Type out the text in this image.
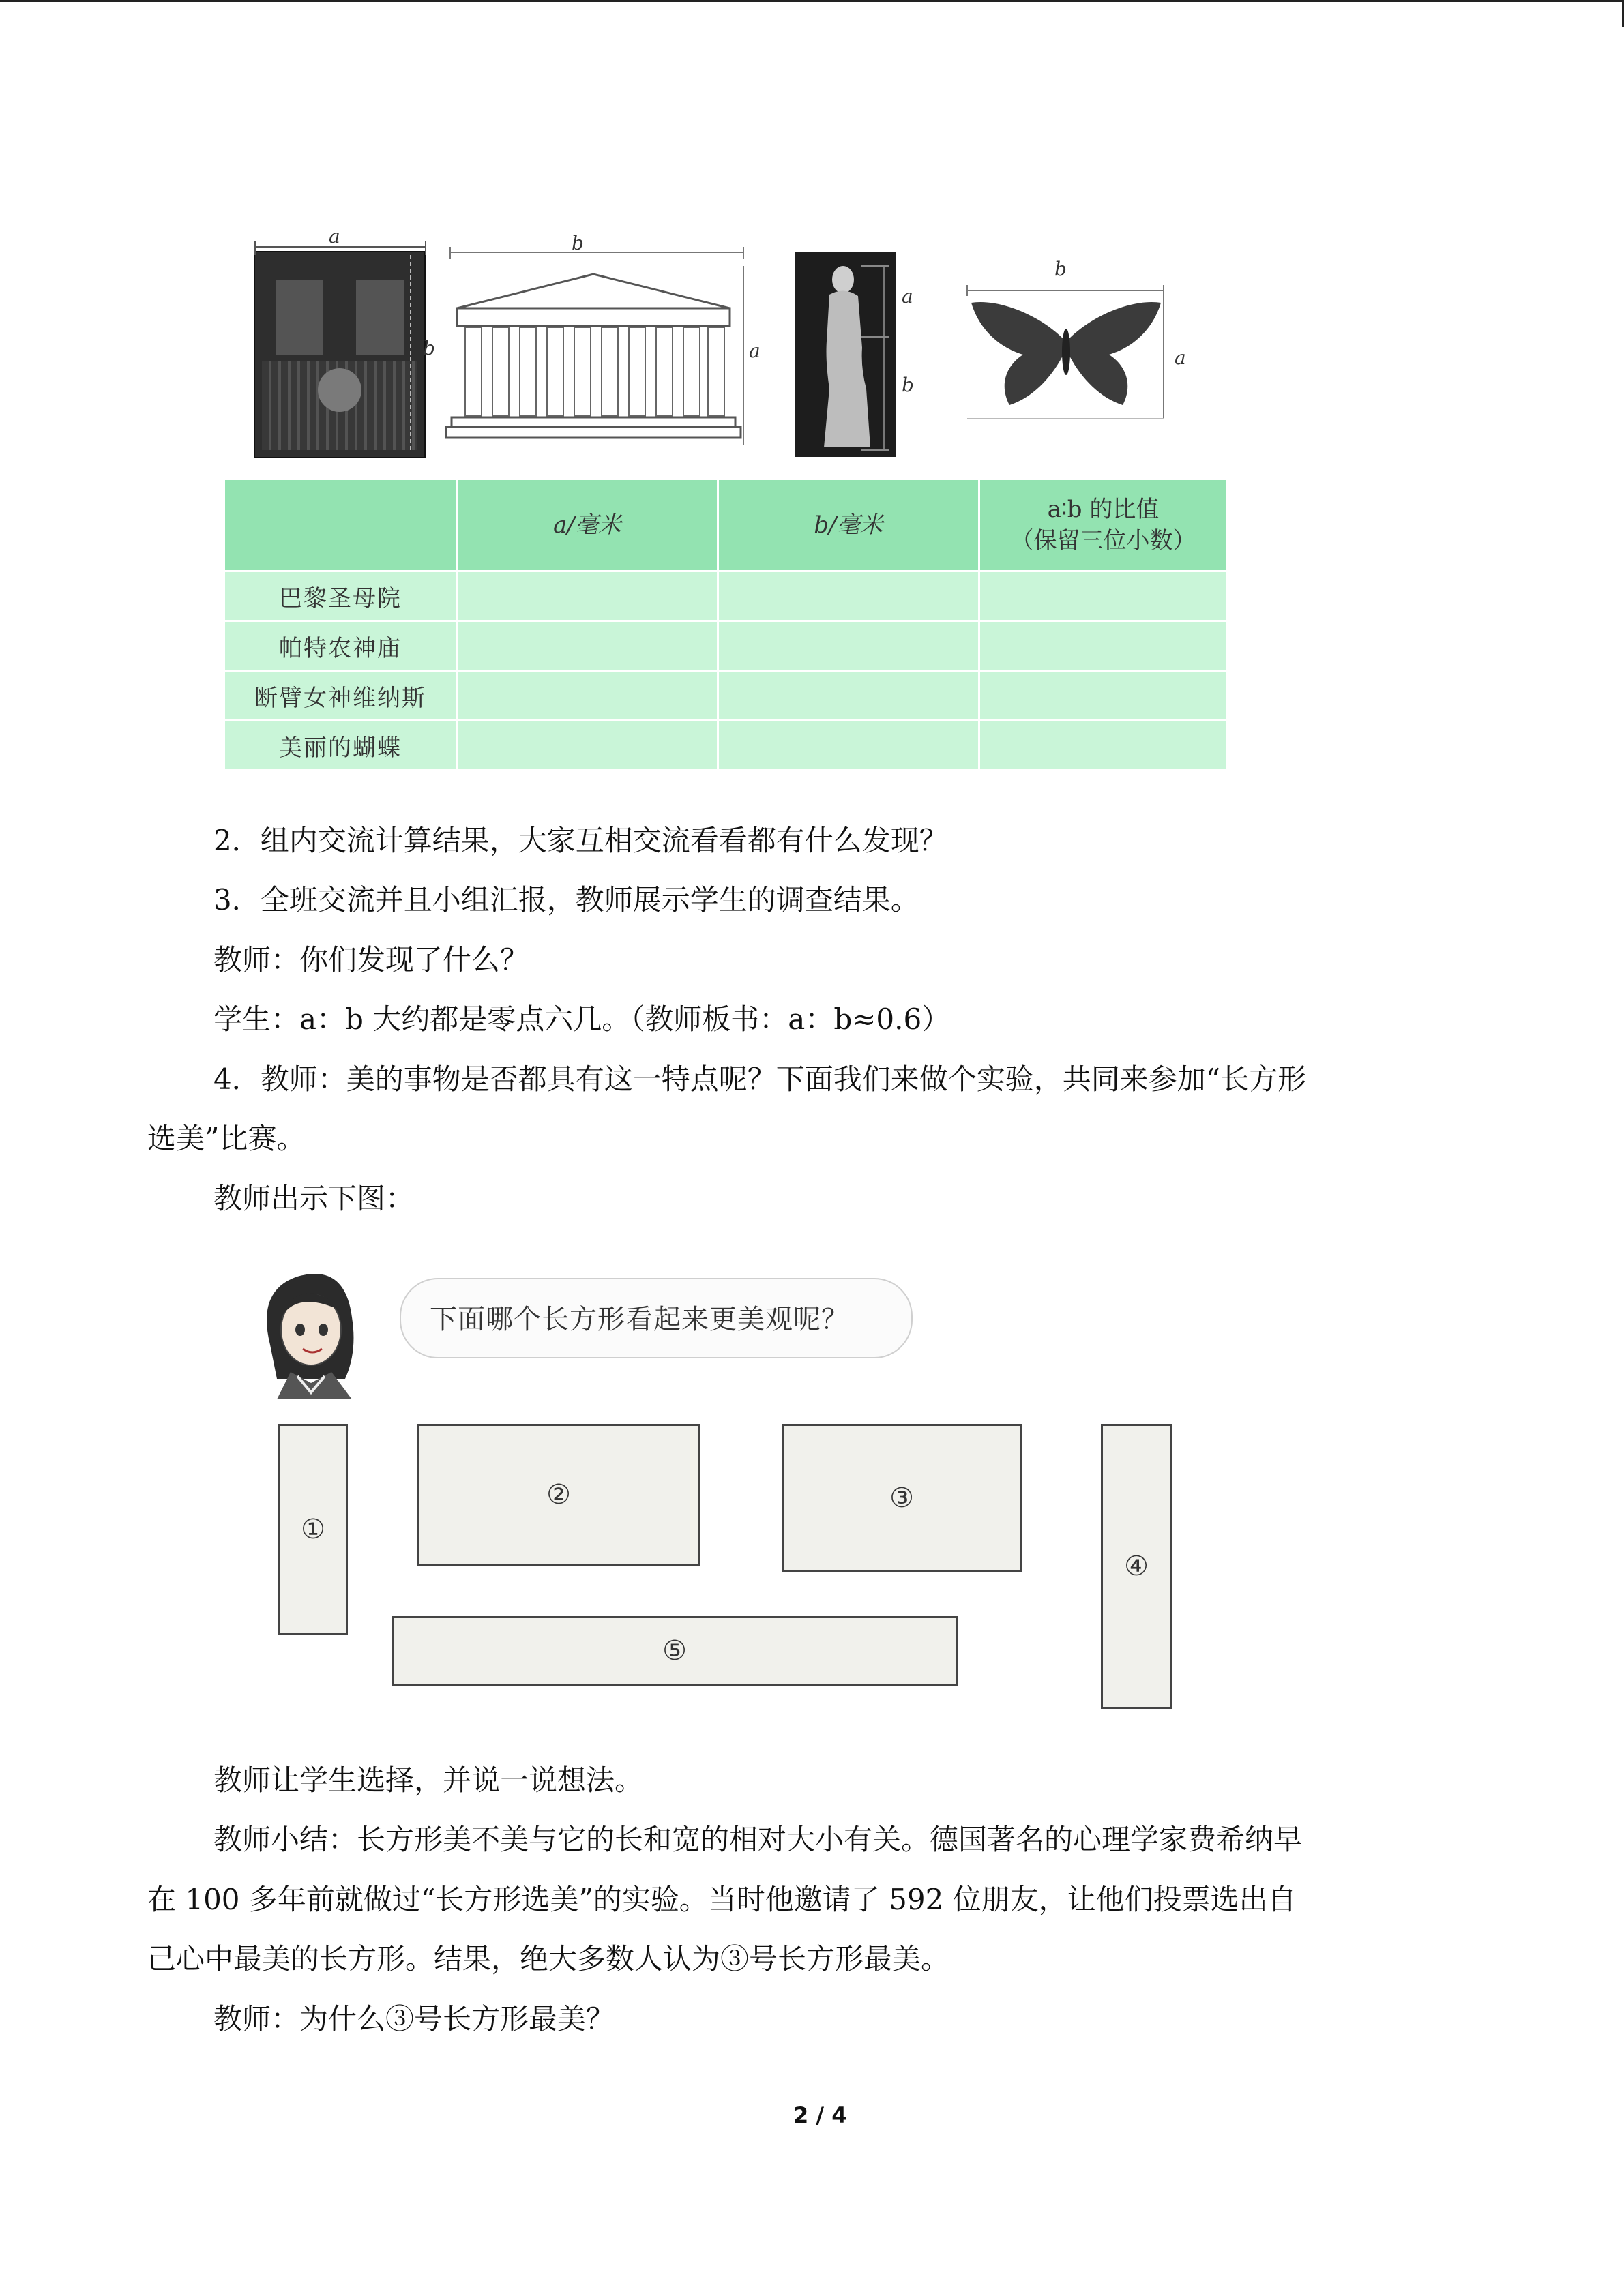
a
b
b
a
a
b
b
a
	a/毫米	b/毫米	a∶b 的比值
（保留三位小数）
巴黎圣母院			
帕特农神庙			
断臂女神维纳斯			
美丽的蝴蝶			
2．组内交流计算结果，大家互相交流看看都有什么发现？
3．全班交流并且小组汇报，教师展示学生的调查结果。
教师：你们发现了什么？
学生：a：b 大约都是零点六几。（教师板书：a：b≈0.6）
4．教师：美的事物是否都具有这一特点呢？下面我们来做个实验，共同来参加“长方形
选美”比赛。
教师出示下图：
下面哪个长方形看起来更美观呢？
①
②	③
④
⑤
教师让学生选择，并说一说想法。
教师小结：长方形美不美与它的长和宽的相对大小有关。德国著名的心理学家费希纳早
在 100 多年前就做过“长方形选美”的实验。当时他邀请了 592 位朋友，让他们投票选出自
己心中最美的长方形。结果，绝大多数人认为③号长方形最美。
教师：为什么③号长方形最美？
2 / 4
